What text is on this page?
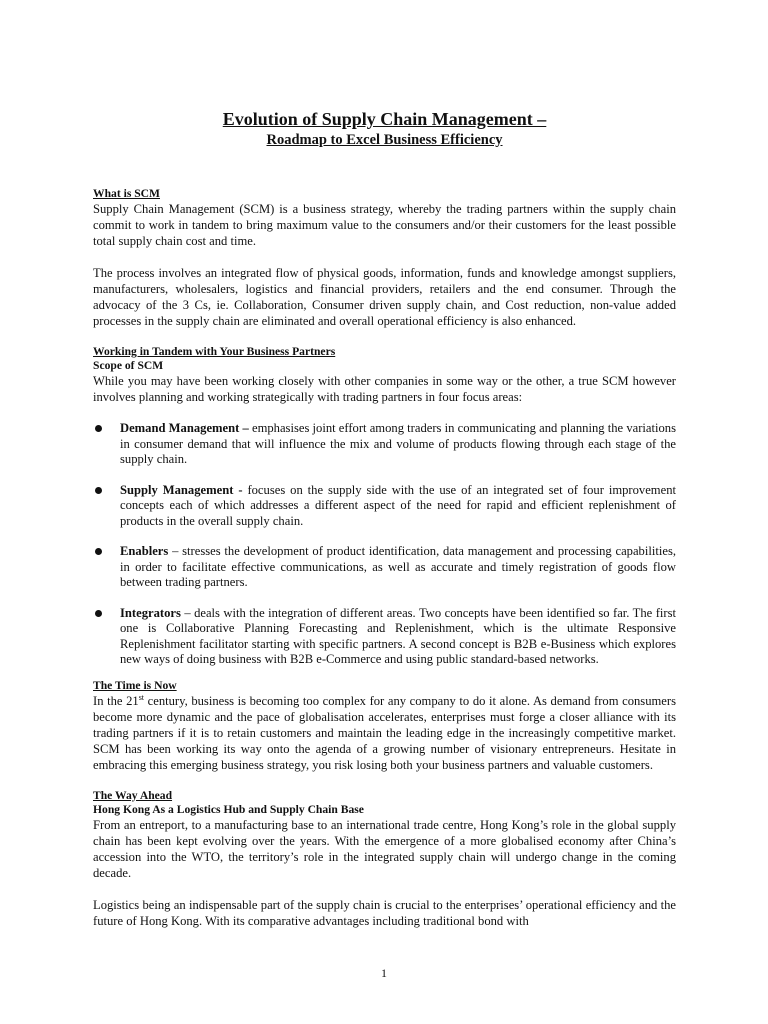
Evolution of Supply Chain Management –
Roadmap to Excel Business Efficiency
What is SCM

Supply Chain Management (SCM) is a business strategy, whereby the trading partners within the supply chain commit to work in tandem to bring maximum value to the consumers and/or their customers for the least possible total supply chain cost and time.

The process involves an integrated flow of physical goods, information, funds and knowledge amongst suppliers, manufacturers, wholesalers, logistics and financial providers, retailers and the end consumer. Through the advocacy of the 3 Cs, ie. Collaboration, Consumer driven supply chain, and Cost reduction, non-value added processes in the supply chain are eliminated and overall operational efficiency is also enhanced.

Working in Tandem with Your Business Partners
Scope of SCM

While you may have been working closely with other companies in some way or the other, a true SCM however involves planning and working strategically with trading partners in four focus areas:

Demand Management – emphasises joint effort among traders in communicating and planning the variations in consumer demand that will influence the mix and volume of products flowing through each stage of the supply chain.
Supply Management - focuses on the supply side with the use of an integrated set of four improvement concepts each of which addresses a different aspect of the need for rapid and efficient replenishment of products in the overall supply chain.
Enablers – stresses the development of product identification, data management and processing capabilities, in order to facilitate effective communications, as well as accurate and timely registration of goods flow between trading partners.
Integrators – deals with the integration of different areas. Two concepts have been identified so far. The first one is Collaborative Planning Forecasting and Replenishment, which is the ultimate Responsive Replenishment facilitator starting with specific partners. A second concept is B2B e-Business which explores new ways of doing business with B2B e-Commerce and using public standard-based networks.
The Time is Now

In the 21st century, business is becoming too complex for any company to do it alone. As demand from consumers become more dynamic and the pace of globalisation accelerates, enterprises must forge a closer alliance with its trading partners if it is to retain customers and maintain the leading edge in the increasingly competitive market. SCM has been working its way onto the agenda of a growing number of visionary entrepreneurs. Hesitate in embracing this emerging business strategy, you risk losing both your business partners and valuable customers.

The Way Ahead
Hong Kong As a Logistics Hub and Supply Chain Base

From an entreport, to a manufacturing base to an international trade centre, Hong Kong’s role in the global supply chain has been kept evolving over the years. With the emergence of a more globalised economy after China’s accession into the WTO, the territory’s role in the integrated supply chain will undergo change in the coming decade.

Logistics being an indispensable part of the supply chain is crucial to the enterprises’ operational efficiency and the future of Hong Kong. With its comparative advantages including traditional bond with

1
